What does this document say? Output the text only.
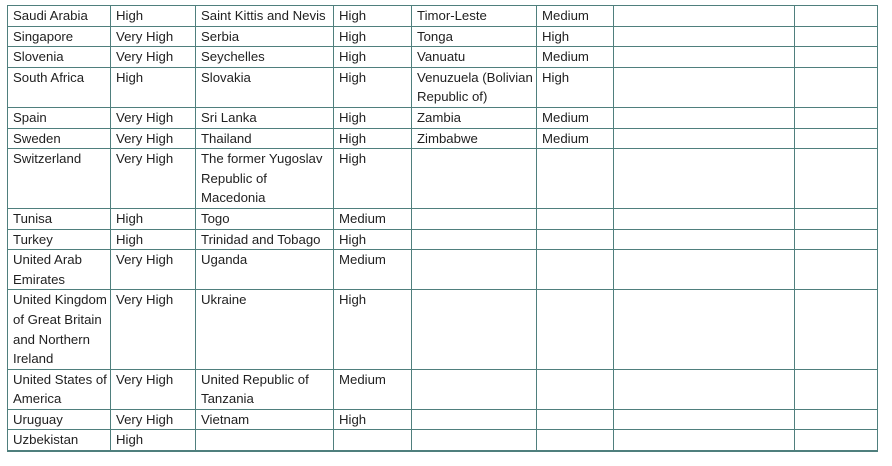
Saudi Arabia	High	Saint Kittis and Nevis	High	Timor-Leste	Medium		
Singapore	Very High	Serbia	High	Tonga	High		
Slovenia	Very High	Seychelles	High	Vanuatu	Medium		
South Africa	High	Slovakia	High	Venuzuela (Bolivian Republic of)	High		
Spain	Very High	Sri Lanka	High	Zambia	Medium		
Sweden	Very High	Thailand	High	Zimbabwe	Medium		
Switzerland	Very High	The former Yugoslav Republic of Macedonia	High				
Tunisa	High	Togo	Medium				
Turkey	High	Trinidad and Tobago	High				
United Arab Emirates	Very High	Uganda	Medium				
United Kingdom of Great Britain and Northern Ireland	Very High	Ukraine	High				
United States of America	Very High	United Republic of Tanzania	Medium				
Uruguay	Very High	Vietnam	High				
Uzbekistan	High						
